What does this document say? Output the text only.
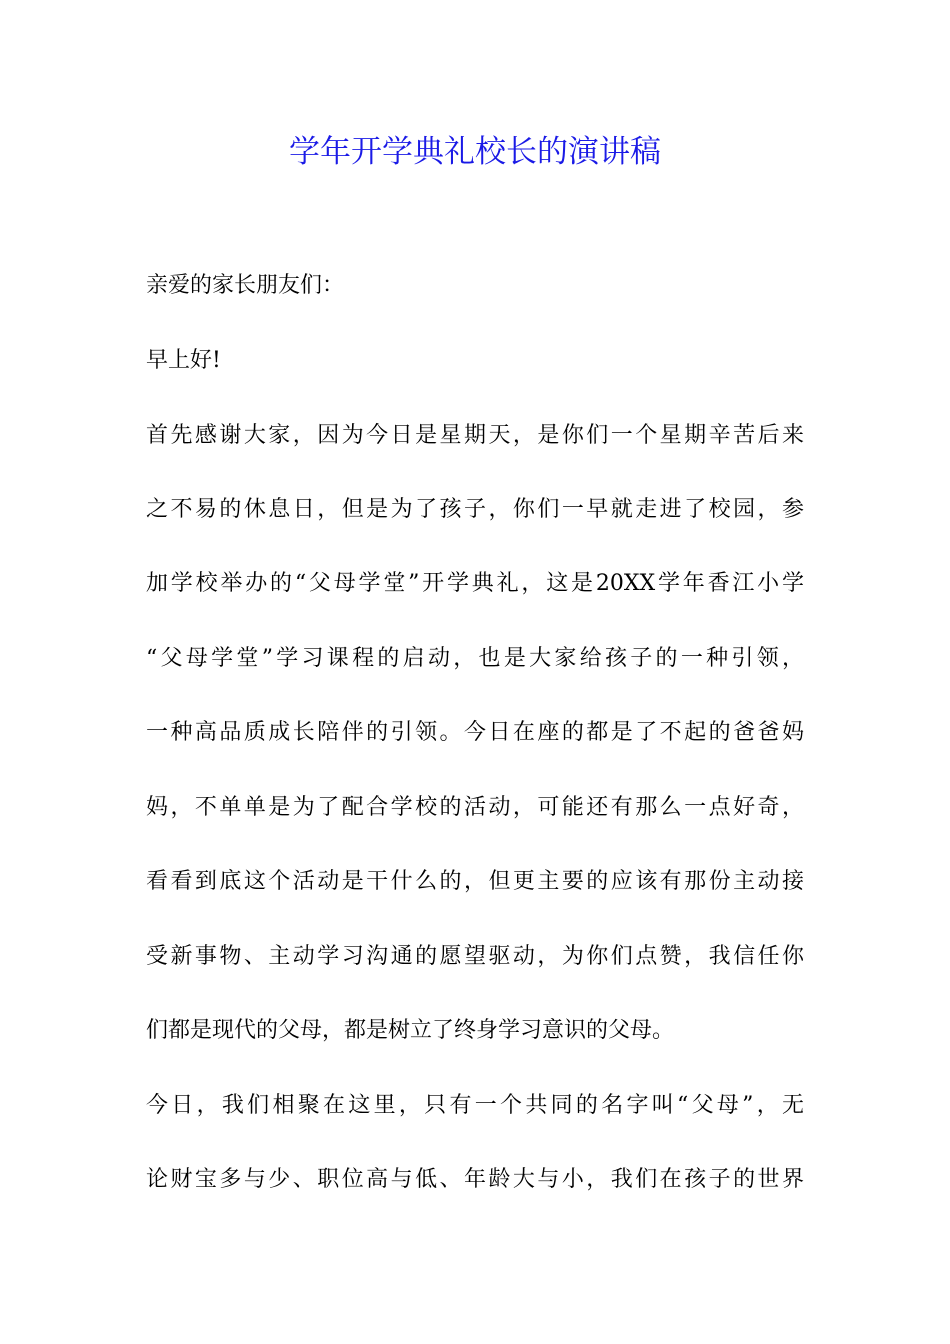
学年开学典礼校长的演讲稿

亲爱的家长朋友们：

早上好!

首先感谢大家，因为今日是星期天，是你们一个星期辛苦后来

之不易的休息日，但是为了孩子，你们一早就走进了校园，参

加学校举办的“父母学堂”开学典礼，这是20XX学年香江小学

“父母学堂”学习课程的启动，也是大家给孩子的一种引领，

一种高品质成长陪伴的引领。今日在座的都是了不起的爸爸妈

妈，不单单是为了配合学校的活动，可能还有那么一点好奇，

看看到底这个活动是干什么的，但更主要的应该有那份主动接

受新事物、主动学习沟通的愿望驱动，为你们点赞，我信任你

们都是现代的父母，都是树立了终身学习意识的父母。

今日，我们相聚在这里，只有一个共同的名字叫“父母”，无

论财宝多与少、职位高与低、年龄大与小，我们在孩子的世界
